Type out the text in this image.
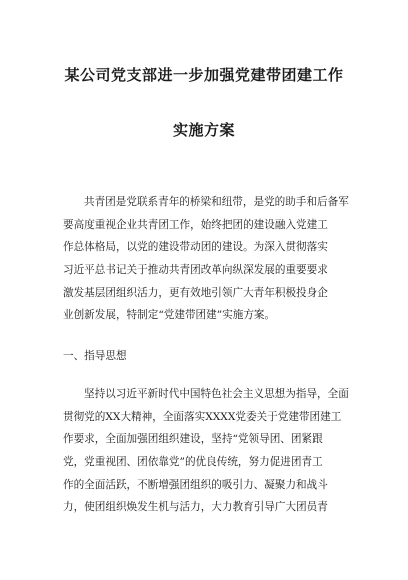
某公司党支部进一步加强党建带团建工作
实施方案
共青团是党联系青年的桥梁和纽带，是党的助手和后备军
要高度重视企业共青团工作，始终把团的建设融入党建工
作总体格局，以党的建设带动团的建设。为深入贯彻落实
习近平总书记关于推动共青团改革向纵深发展的重要要求
激发基层团组织活力，更有效地引领广大青年积极投身企
业创新发展，特制定“党建带团建”实施方案。
一、指导思想
坚持以习近平新时代中国特色社会主义思想为指导，全面
贯彻党的XX大精神，全面落实XXXX党委关于党建带团建工
作要求，全面加强团组织建设，坚持“党领导团、团紧跟
党，党重视团、团依靠党”的优良传统，努力促进团青工
作的全面活跃，不断增强团组织的吸引力、凝聚力和战斗
力，使团组织焕发生机与活力，大力教育引导广大团员青
